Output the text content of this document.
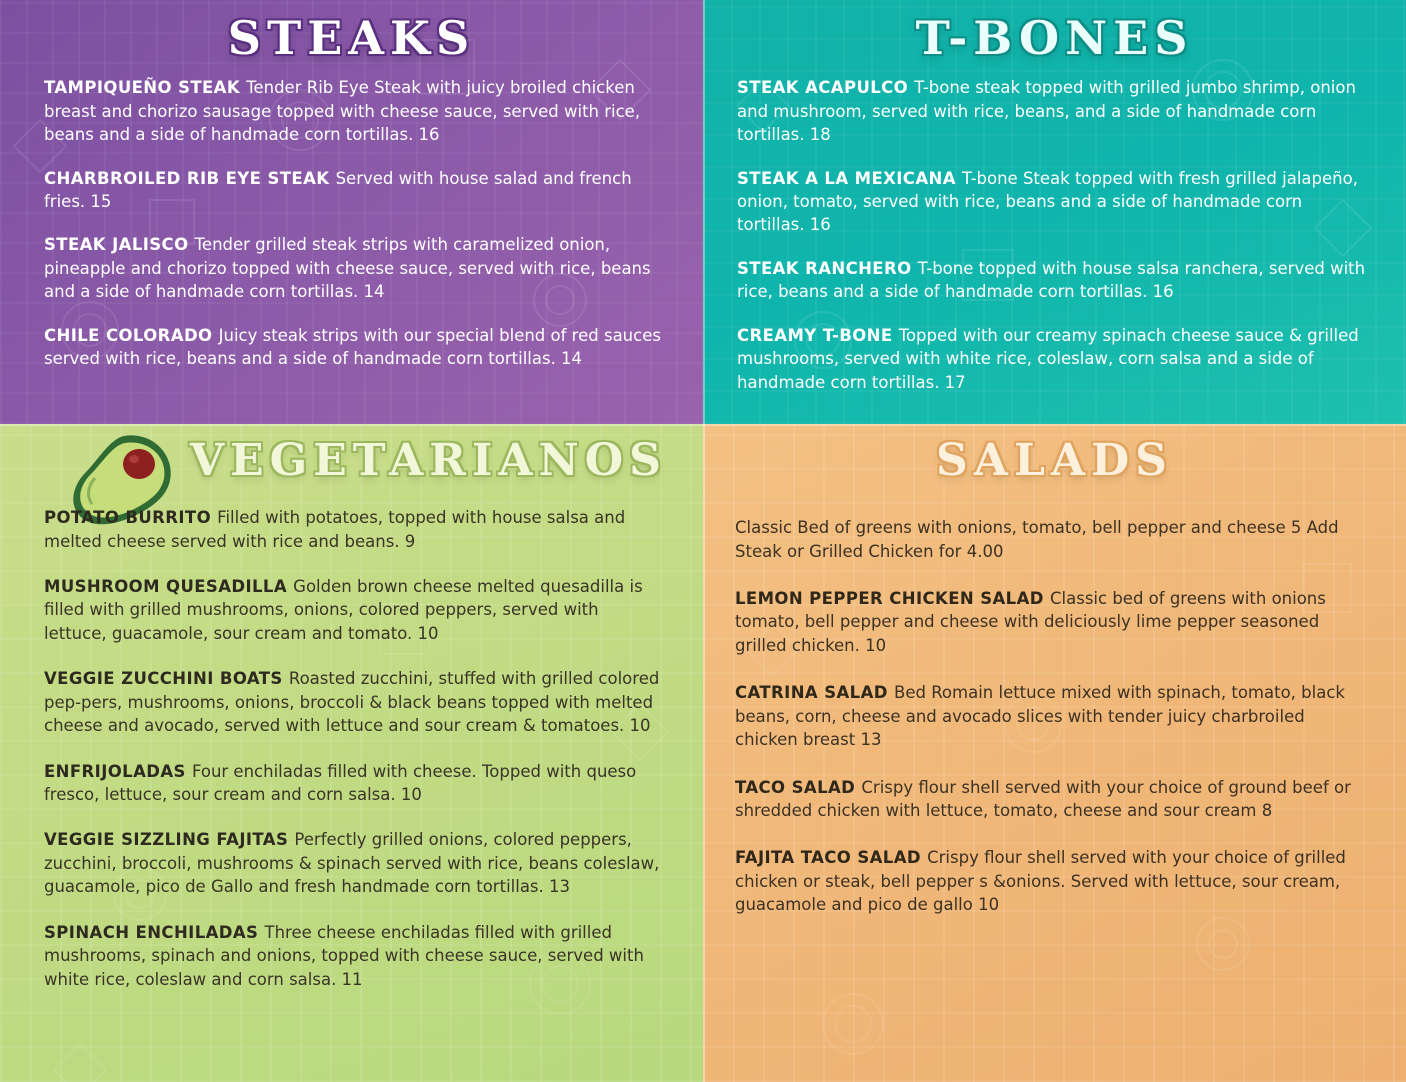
STEAKS

TAMPIQUEÑO STEAK Tender Rib Eye Steak with juicy broiled chicken breast and chorizo sausage topped with cheese sauce, served with rice, beans and a side of handmade corn tortillas. 16

CHARBROILED RIB EYE STEAK Served with house salad and french fries. 15

STEAK JALISCO Tender grilled steak strips with caramelized onion, pineapple and chorizo topped with cheese sauce, served with rice, beans and a side of handmade corn tortillas. 14

CHILE COLORADO Juicy steak strips with our special blend of red sauces served with rice, beans and a side of handmade corn tortillas. 14

T-BONES

STEAK ACAPULCO T-bone steak topped with grilled jumbo shrimp, onion and mushroom, served with rice, beans, and a side of handmade corn tortillas. 18

STEAK A LA MEXICANA T-bone Steak topped with fresh grilled jalapeño, onion, tomato, served with rice, beans and a side of handmade corn tortillas. 16

STEAK RANCHERO T-bone topped with house salsa ranchera, served with rice, beans and a side of handmade corn tortillas. 16

CREAMY T-BONE Topped with our creamy spinach cheese sauce & grilled mushrooms, served with white rice, coleslaw, corn salsa and a side of handmade corn tortillas. 17

VEGETARIANOS

POTATO BURRITO Filled with potatoes, topped with house salsa and melted cheese served with rice and beans. 9

MUSHROOM QUESADILLA Golden brown cheese melted quesadilla is filled with grilled mushrooms, onions, colored peppers, served with lettuce, guacamole, sour cream and tomato. 10

VEGGIE ZUCCHINI BOATS Roasted zucchini, stuffed with grilled colored pep-pers, mushrooms, onions, broccoli & black beans topped with melted cheese and avocado, served with lettuce and sour cream & tomatoes. 10

ENFRIJOLADAS Four enchiladas filled with cheese. Topped with queso fresco, lettuce, sour cream and corn salsa. 10

VEGGIE SIZZLING FAJITAS Perfectly grilled onions, colored peppers, zucchini, broccoli, mushrooms & spinach served with rice, beans coleslaw, guacamole, pico de Gallo and fresh handmade corn tortillas. 13

SPINACH ENCHILADAS Three cheese enchiladas filled with grilled mushrooms, spinach and onions, topped with cheese sauce, served with white rice, coleslaw and corn salsa. 11

SALADS

Classic Bed of greens with onions, tomato, bell pepper and cheese 5 Add Steak or Grilled Chicken for 4.00

LEMON PEPPER CHICKEN SALAD Classic bed of greens with onions tomato, bell pepper and cheese with deliciously lime pepper seasoned grilled chicken. 10

CATRINA SALAD Bed Romain lettuce mixed with spinach, tomato, black beans, corn, cheese and avocado slices with tender juicy charbroiled chicken breast 13

TACO SALAD Crispy flour shell served with your choice of ground beef or shredded chicken with lettuce, tomato, cheese and sour cream 8

FAJITA TACO SALAD Crispy flour shell served with your choice of grilled chicken or steak, bell pepper s &onions. Served with lettuce, sour cream, guacamole and pico de gallo 10
